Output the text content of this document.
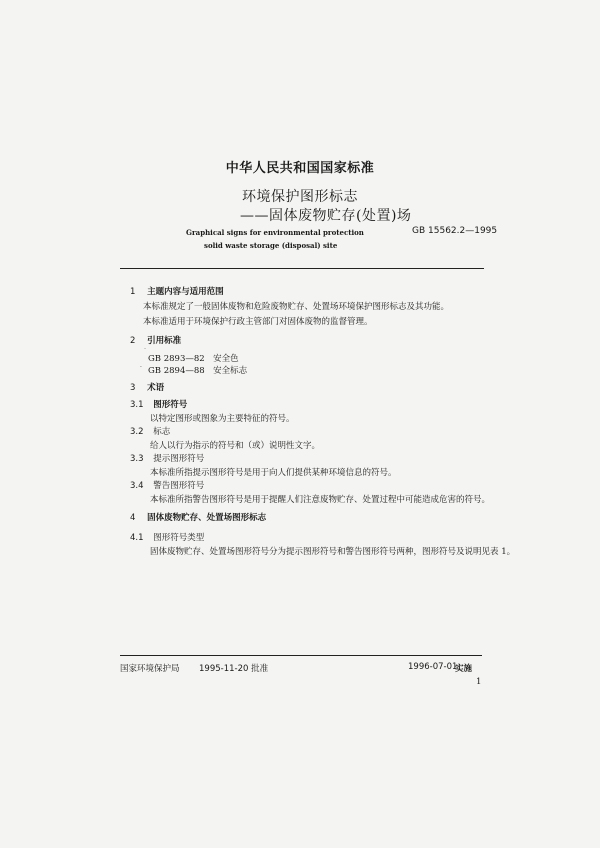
中华人民共和国国家标准
环境保护图形标志
——固体废物贮存(处置)场
Graphical signs for environmental protection
solid waste storage (disposal) site
GB 15562.2—1995
1 主题内容与适用范围
本标准规定了一般固体废物和危险废物贮存、处置场环境保护图形标志及其功能。
本标准适用于环境保护行政主管部门对固体废物的监督管理。
2 引用标准
ˑ
GB 2893—82　安全色
· GB 2894—88　安全标志
3 术语
3.1 图形符号
以特定图形或图象为主要特征的符号。
3.2 标志
给人以行为指示的符号和（或）说明性文字。
3.3 提示图形符号
本标准所指提示图形符号是用于向人们提供某种环境信息的符号。
3.4 警告图形符号
本标准所指警告图形符号是用于提醒人们注意废物贮存、处置过程中可能造成危害的符号。
4 固体废物贮存、处置场图形标志
4.1 图形符号类型
固体废物贮存、处置场图形符号分为提示图形符号和警告图形符号两种，图形符号及说明见表 1。
国家环境保护局 1995-11-20 批准	1996-07-01
实施
1
